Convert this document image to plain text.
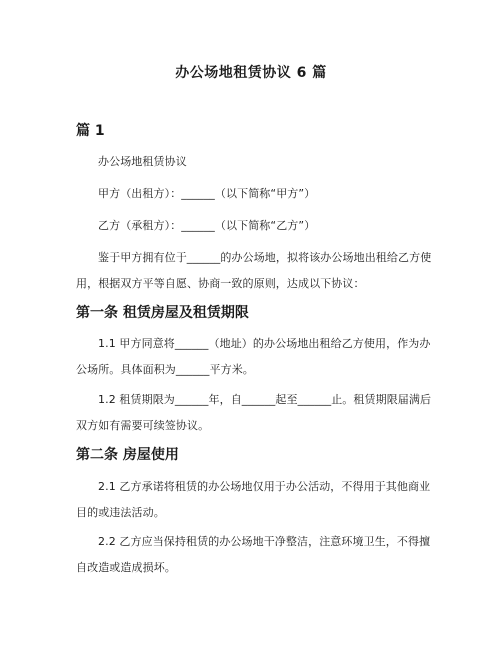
办公场地租赁协议 6 篇
篇 1

办公场地租赁协议

甲方（出租方）：______（以下简称“甲方”）

乙方（承租方）：______（以下简称“乙方”）

鉴于甲方拥有位于______的办公场地，拟将该办公场地出租给乙方使用，根据双方平等自愿、协商一致的原则，达成以下协议：

第一条 租赁房屋及租赁期限

1.1 甲方同意将______（地址）的办公场地出租给乙方使用，作为办公场所。具体面积为______平方米。

1.2 租赁期限为______年，自______起至______止。租赁期限届满后双方如有需要可续签协议。

第二条 房屋使用

2.1 乙方承诺将租赁的办公场地仅用于办公活动，不得用于其他商业目的或违法活动。

2.2 乙方应当保持租赁的办公场地干净整洁，注意环境卫生，不得擅自改造或造成损坏。
